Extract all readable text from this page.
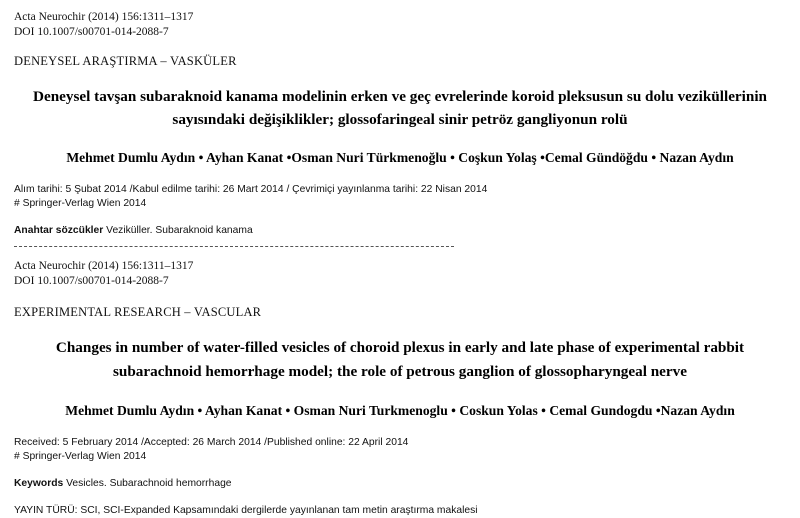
Acta Neurochir (2014) 156:1311–1317
DOI 10.1007/s00701-014-2088-7
DENEYSEL ARAŞTIRMA – VASKÜLER
Deneysel tavşan subaraknoid kanama modelinin erken ve geç evrelerinde koroid pleksusun su dolu veziküllerinin sayısındaki değişiklikler; glossofaringeal sinir petröz gangliyonun rolü
Mehmet Dumlu Aydın • Ayhan Kanat •Osman Nuri Türkmenoğlu • Coşkun Yolaş •Cemal Gündöğdu • Nazan Aydın
Alım tarihi: 5 Şubat 2014 /Kabul edilme tarihi: 26 Mart 2014 / Çevrimiçi yayınlanma tarihi: 22 Nisan 2014
# Springer-Verlag Wien 2014
Anahtar sözcükler Veziküller. Subaraknoid kanama
Acta Neurochir (2014) 156:1311–1317
DOI 10.1007/s00701-014-2088-7
EXPERIMENTAL RESEARCH – VASCULAR
Changes in number of water-filled vesicles of choroid plexus in early and late phase of experimental rabbit subarachnoid hemorrhage model; the role of petrous ganglion of glossopharyngeal nerve
Mehmet Dumlu Aydın • Ayhan Kanat • Osman Nuri Turkmenoglu • Coskun Yolas • Cemal Gundogdu •Nazan Aydın
Received: 5 February 2014 /Accepted: 26 March 2014 /Published online: 22 April 2014
# Springer-Verlag Wien 2014
Keywords Vesicles. Subarachnoid hemorrhage
YAYIN TÜRÜ: SCI, SCI-Expanded Kapsamındaki dergilerde yayınlanan tam metin araştırma makalesi
